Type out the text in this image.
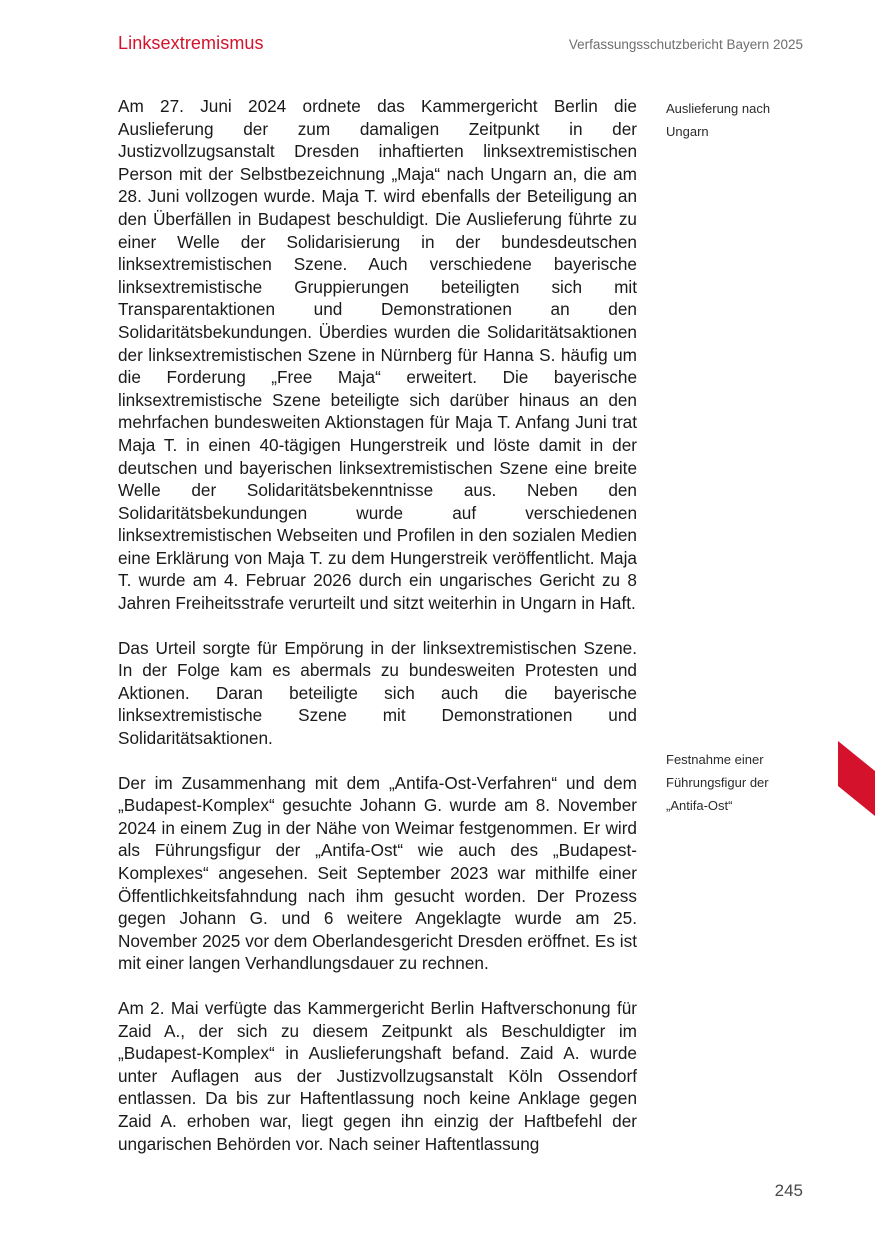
Linksextremismus	Verfassungsschutzbericht Bayern 2025

Am 27. Juni 2024 ordnete das Kammergericht Berlin die Auslieferung der zum damaligen Zeitpunkt in der Justizvollzugsanstalt Dresden inhaftierten linksextremistischen Person mit der Selbstbezeichnung „Maja“ nach Ungarn an, die am 28. Juni vollzogen wurde. Maja T. wird ebenfalls der Beteiligung an den Überfällen in Budapest beschuldigt. Die Auslieferung führte zu einer Welle der Solidarisierung in der bundesdeutschen linksextremistischen Szene. Auch verschiedene bayerische linksextremistische Gruppierungen beteiligten sich mit Transparentaktionen und Demonstrationen an den Solidaritätsbekundungen. Überdies wurden die Solidaritätsaktionen der linksextremistischen Szene in Nürnberg für Hanna S. häufig um die Forderung „Free Maja“ erweitert. Die bayerische linksextremistische Szene beteiligte sich darüber hinaus an den mehrfachen bundesweiten Aktionstagen für Maja T. Anfang Juni trat Maja T. in einen 40-tägigen Hungerstreik und löste damit in der deutschen und bayerischen linksextremistischen Szene eine breite Welle der Solidaritätsbekenntnisse aus. Neben den Solidaritätsbekundungen wurde auf verschiedenen linksextremistischen Webseiten und Profilen in den sozialen Medien eine Erklärung von Maja T. zu dem Hungerstreik veröffentlicht. Maja T. wurde am 4. Februar 2026 durch ein ungarisches Gericht zu 8 Jahren Freiheitsstrafe verurteilt und sitzt weiterhin in Ungarn in Haft.

Das Urteil sorgte für Empörung in der linksextremistischen Szene. In der Folge kam es abermals zu bundesweiten Protesten und Aktionen. Daran beteiligte sich auch die bayerische linksextremistische Szene mit Demonstrationen und Solidaritätsaktionen.

Der im Zusammenhang mit dem „Antifa-Ost-Verfahren“ und dem „Budapest-Komplex“ gesuchte Johann G. wurde am 8. November 2024 in einem Zug in der Nähe von Weimar festgenommen. Er wird als Führungsfigur der „Antifa-Ost“ wie auch des „Budapest-Komplexes“ angesehen. Seit September 2023 war mithilfe einer Öffentlichkeitsfahndung nach ihm gesucht worden. Der Prozess gegen Johann G. und 6 weitere Angeklagte wurde am 25. November 2025 vor dem Oberlandesgericht Dresden eröffnet. Es ist mit einer langen Verhandlungsdauer zu rechnen.

Am 2. Mai verfügte das Kammergericht Berlin Haftverschonung für Zaid A., der sich zu diesem Zeitpunkt als Beschuldigter im „Budapest-Komplex“ in Auslieferungshaft befand. Zaid A. wurde unter Auflagen aus der Justizvollzugsanstalt Köln Ossendorf entlassen. Da bis zur Haftentlassung noch keine Anklage gegen Zaid A. erhoben war, liegt gegen ihn einzig der Haftbefehl der ungarischen Behörden vor. Nach seiner Haftentlassung

Auslieferung nach
Ungarn
Festnahme einer
Führungsfigur der
„Antifa-Ost“
245
